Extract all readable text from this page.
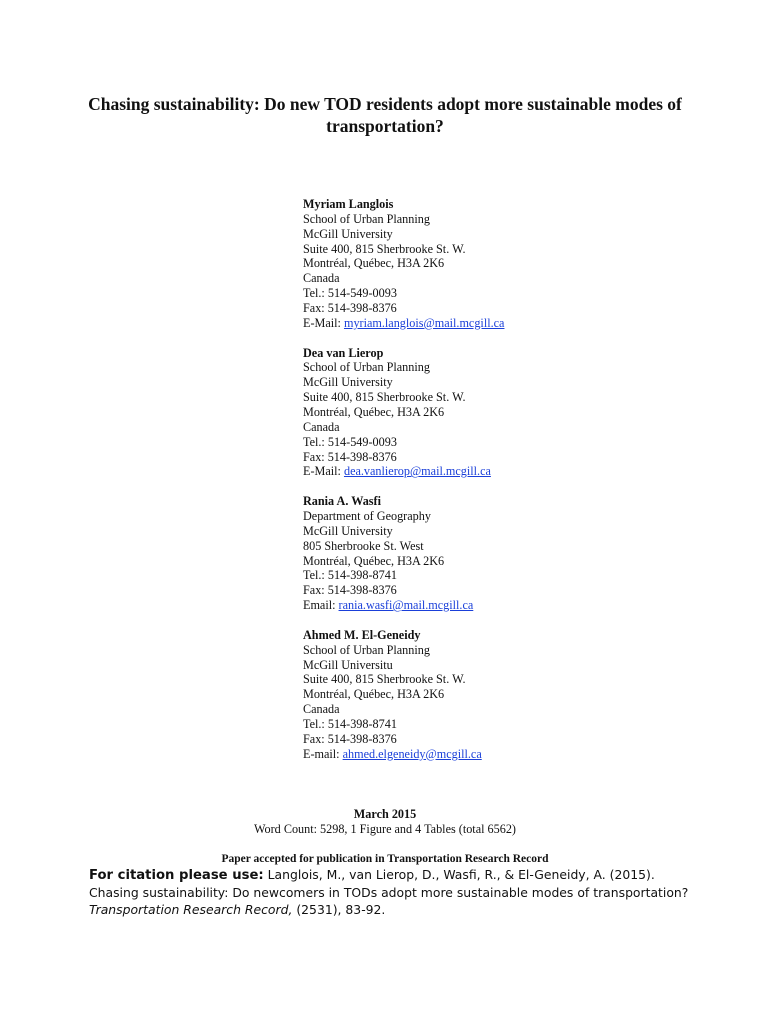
Chasing sustainability: Do new TOD residents adopt more sustainable modes of transportation?
Myriam Langlois
School of Urban Planning
McGill University
Suite 400, 815 Sherbrooke St. W.
Montréal, Québec, H3A 2K6
Canada
Tel.: 514-549-0093
Fax: 514-398-8376
E-Mail: myriam.langlois@mail.mcgill.ca
Dea van Lierop
School of Urban Planning
McGill University
Suite 400, 815 Sherbrooke St. W.
Montréal, Québec, H3A 2K6
Canada
Tel.: 514-549-0093
Fax: 514-398-8376
E-Mail: dea.vanlierop@mail.mcgill.ca
Rania A. Wasfi
Department of Geography
McGill University
805 Sherbrooke St. West
Montréal, Québec, H3A 2K6
Tel.: 514-398-8741
Fax: 514-398-8376
Email: rania.wasfi@mail.mcgill.ca
Ahmed M. El-Geneidy
School of Urban Planning
McGill Universitu
Suite 400, 815 Sherbrooke St. W.
Montréal, Québec, H3A 2K6
Canada
Tel.: 514-398-8741
Fax: 514-398-8376
E-mail: ahmed.elgeneidy@mcgill.ca
March 2015
Word Count: 5298, 1 Figure and 4 Tables (total 6562)
Paper accepted for publication in Transportation Research Record
For citation please use: Langlois, M., van Lierop, D., Wasfi, R., & El-Geneidy, A. (2015). Chasing sustainability: Do newcomers in TODs adopt more sustainable modes of transportation? Transportation Research Record, (2531), 83-92.
